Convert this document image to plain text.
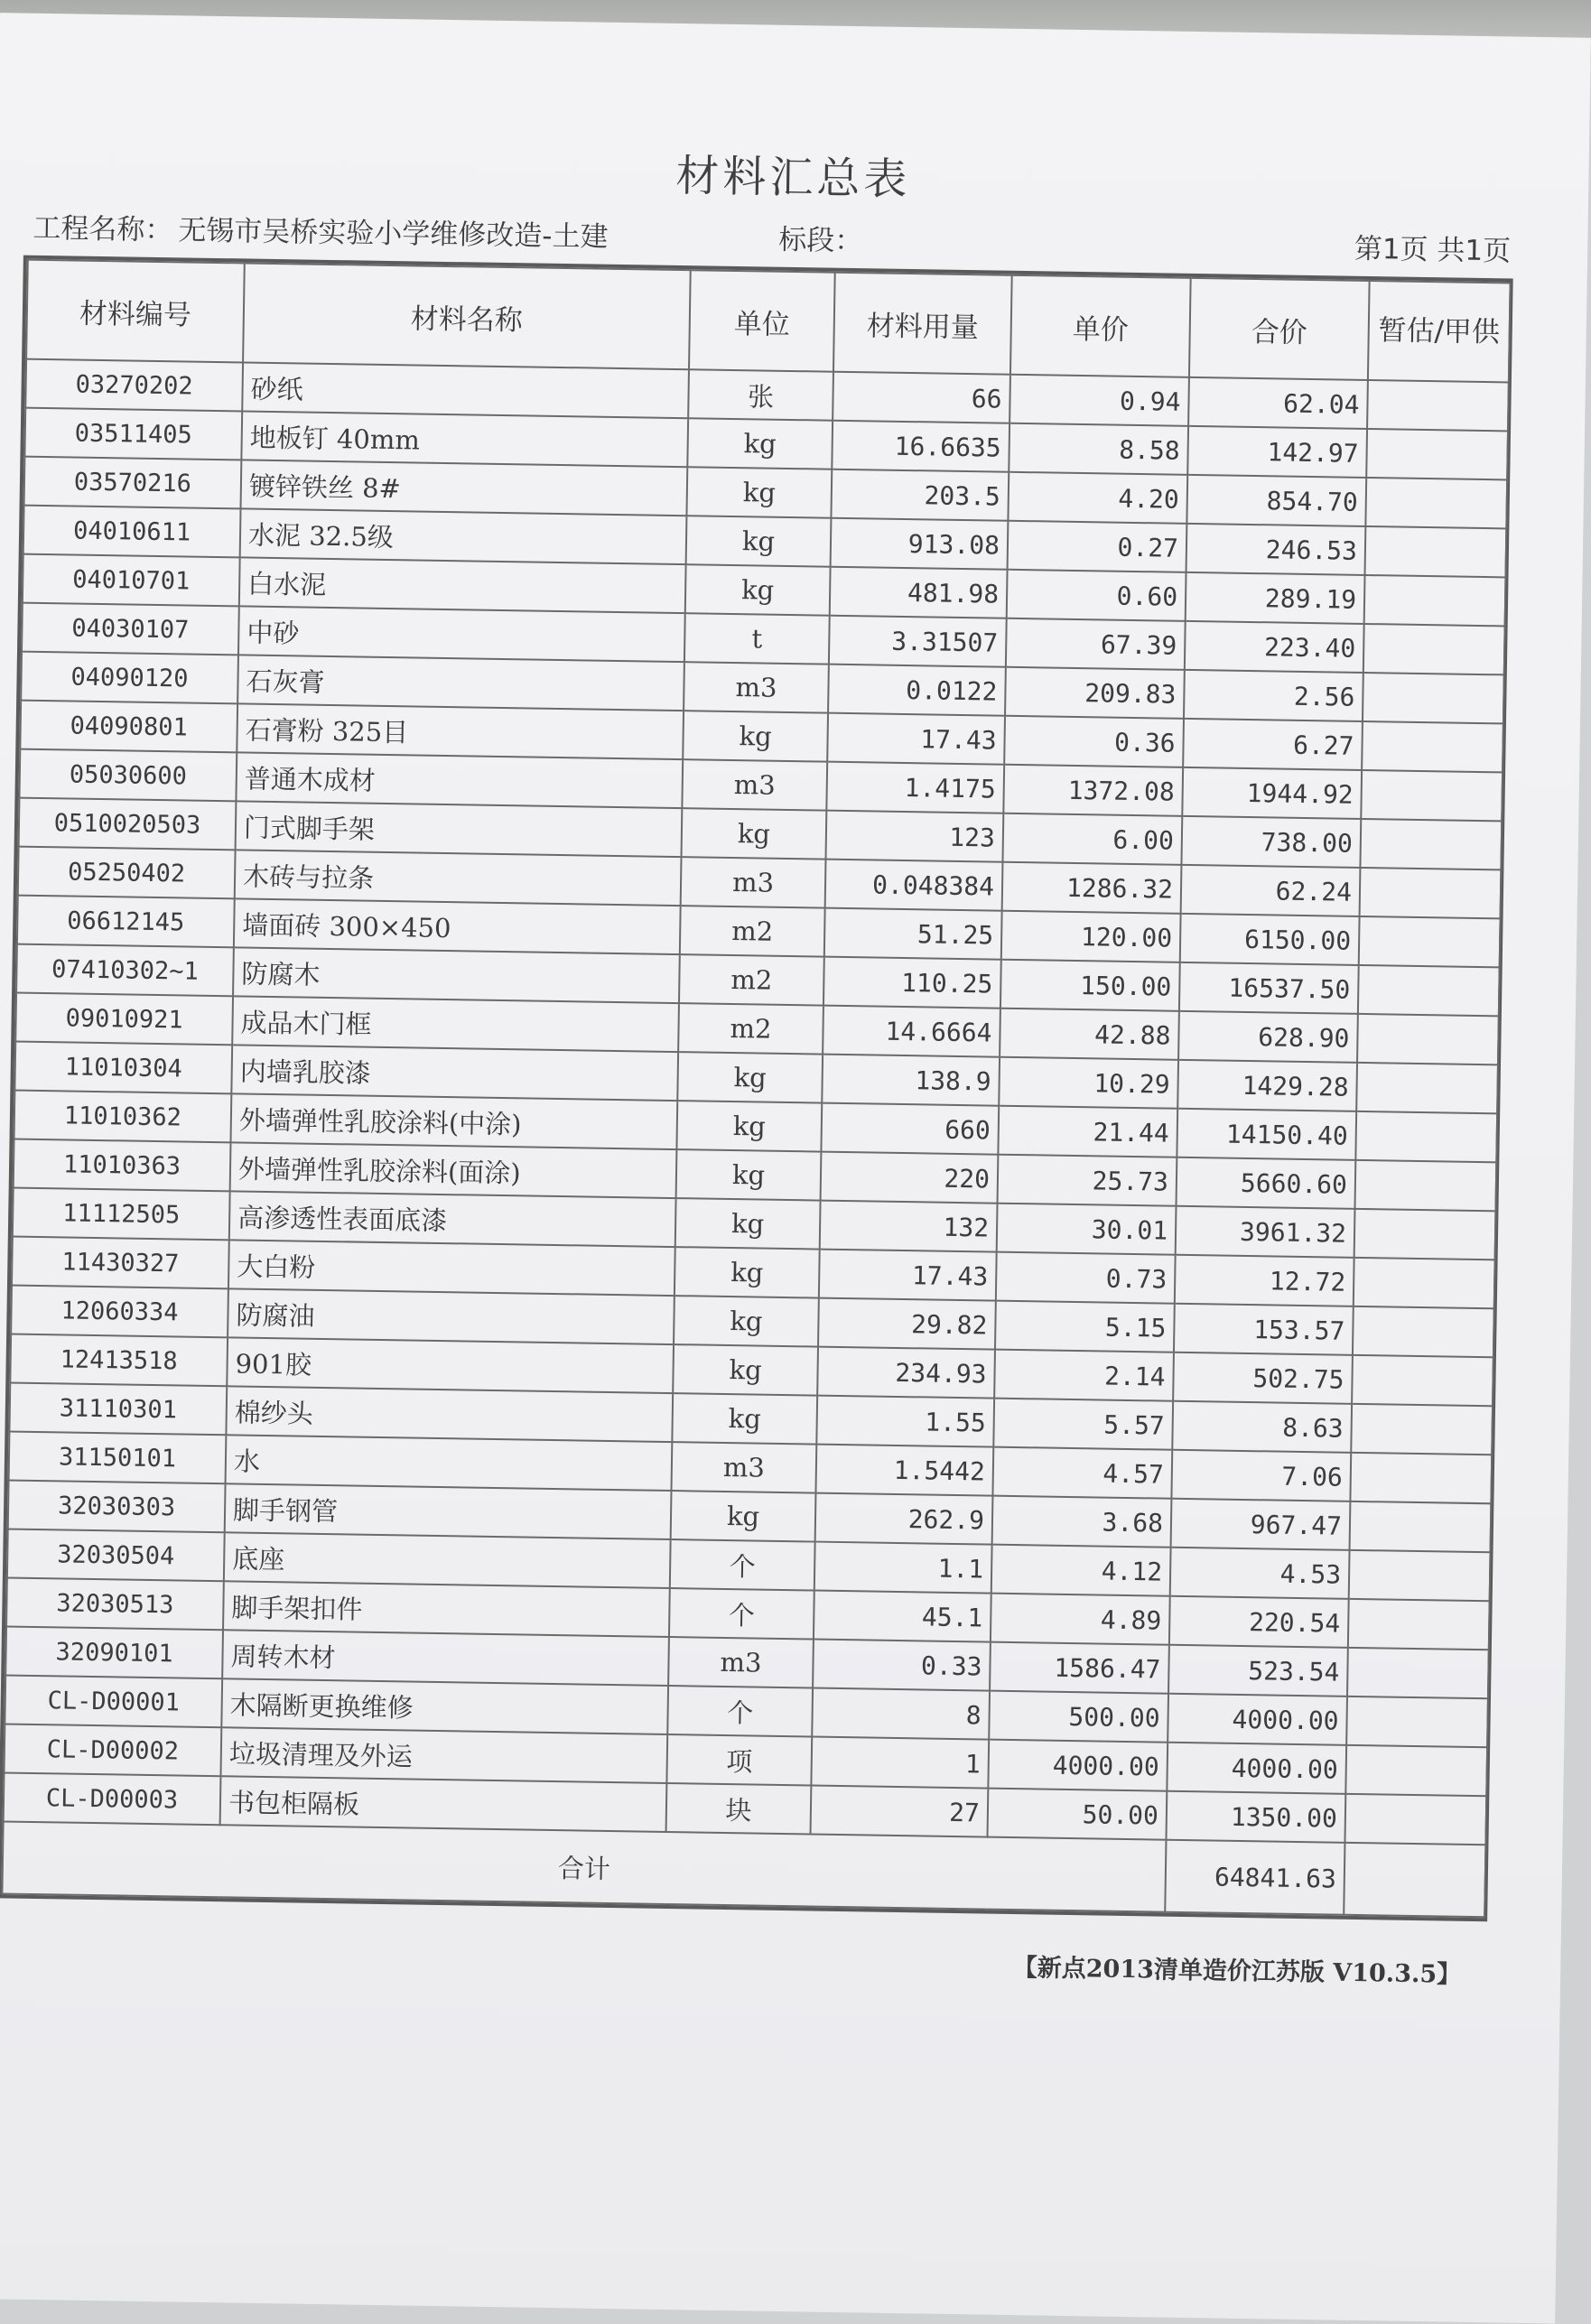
材料汇总表
工程名称： 无锡市吴桥实验小学维修改造-土建	标段：	第1页 共1页
材料编号	材料名称	单位	材料用量	单价	合价	暂估/甲供
03270202	砂纸	张	66	0.94	62.04	
03511405	地板钉 40mm	kg	16.6635	8.58	142.97	
03570216	镀锌铁丝 8#	kg	203.5	4.20	854.70	
04010611	水泥 32.5级	kg	913.08	0.27	246.53	
04010701	白水泥	kg	481.98	0.60	289.19	
04030107	中砂	t	3.31507	67.39	223.40	
04090120	石灰膏	m3	0.0122	209.83	2.56	
04090801	石膏粉 325目	kg	17.43	0.36	6.27	
05030600	普通木成材	m3	1.4175	1372.08	1944.92	
0510020503	门式脚手架	kg	123	6.00	738.00	
05250402	木砖与拉条	m3	0.048384	1286.32	62.24	
06612145	墙面砖 300×450	m2	51.25	120.00	6150.00	
07410302~1	防腐木	m2	110.25	150.00	16537.50	
09010921	成品木门框	m2	14.6664	42.88	628.90	
11010304	内墙乳胶漆	kg	138.9	10.29	1429.28	
11010362	外墙弹性乳胶涂料(中涂)	kg	660	21.44	14150.40	
11010363	外墙弹性乳胶涂料(面涂)	kg	220	25.73	5660.60	
11112505	高渗透性表面底漆	kg	132	30.01	3961.32	
11430327	大白粉	kg	17.43	0.73	12.72	
12060334	防腐油	kg	29.82	5.15	153.57	
12413518	901胶	kg	234.93	2.14	502.75	
31110301	棉纱头	kg	1.55	5.57	8.63	
31150101	水	m3	1.5442	4.57	7.06	
32030303	脚手钢管	kg	262.9	3.68	967.47	
32030504	底座	个	1.1	4.12	4.53	
32030513	脚手架扣件	个	45.1	4.89	220.54	
32090101	周转木材	m3	0.33	1586.47	523.54	
CL-D00001	木隔断更换维修	个	8	500.00	4000.00	
CL-D00002	垃圾清理及外运	项	1	4000.00	4000.00	
CL-D00003	书包柜隔板	块	27	50.00	1350.00	
合计					64841.63	
【新点2013清单造价江苏版 V10.3.5】
